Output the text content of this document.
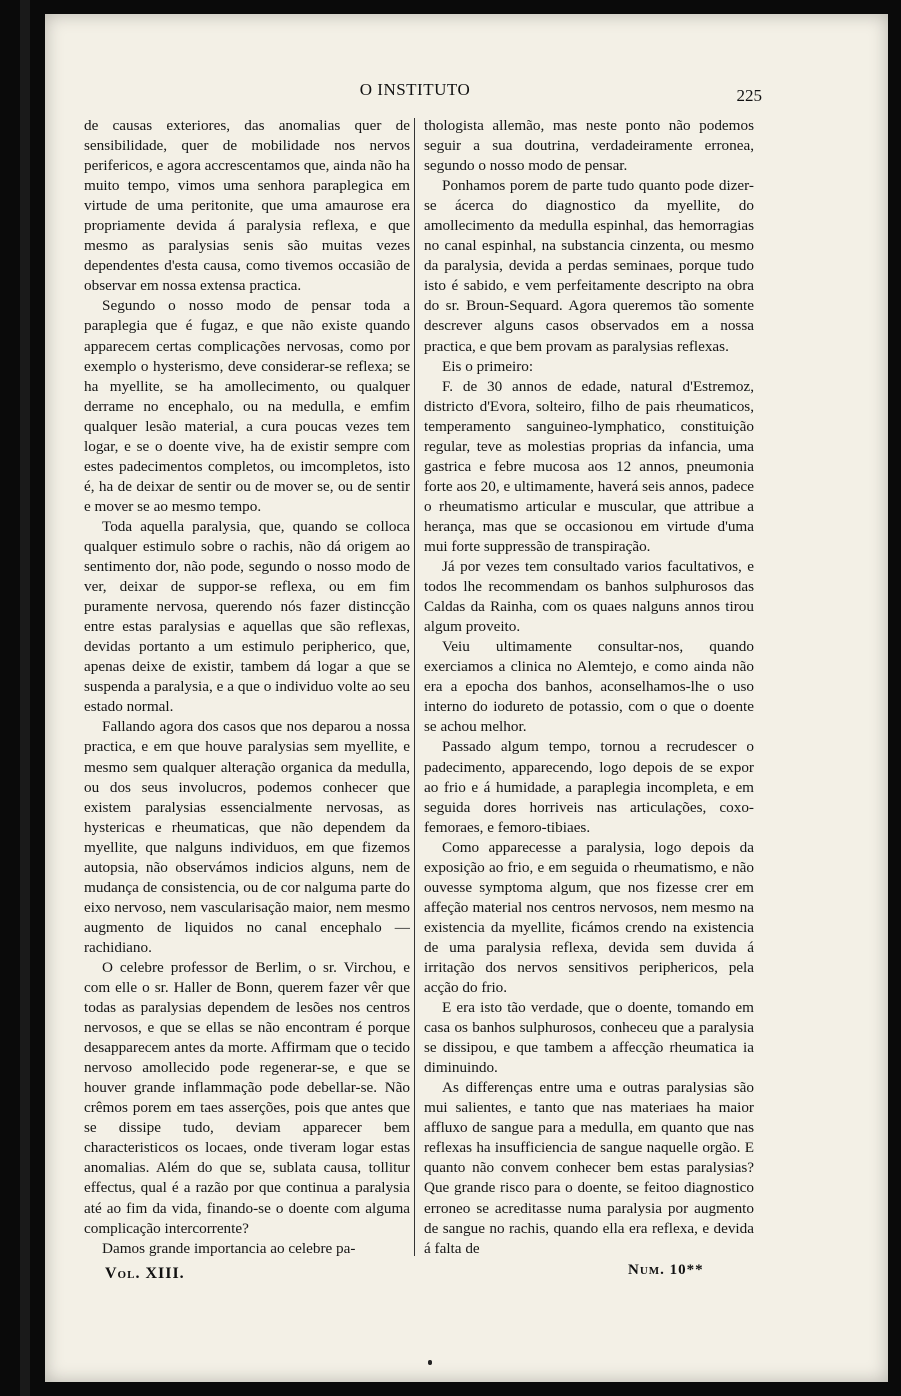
O INSTITUTO	225

de causas exteriores, das anomalias quer de sensibilidade, quer de mobilidade nos nervos perifericos, e agora accrescentamos que, ainda não ha muito tempo, vimos uma senhora paraplegica em virtude de uma peritonite, que uma amaurose era propriamente devida á paralysia reflexa, e que mesmo as paralysias senis são muitas vezes dependentes d'esta causa, como tivemos occasião de observar em nossa extensa practica.

Segundo o nosso modo de pensar toda a paraplegia que é fugaz, e que não existe quando apparecem certas complicações nervosas, como por exemplo o hysterismo, deve considerar-se reflexa; se ha myellite, se ha amollecimento, ou qualquer derrame no encephalo, ou na medulla, e emfim qualquer lesão material, a cura poucas vezes tem logar, e se o doente vive, ha de existir sempre com estes padecimentos completos, ou imcompletos, isto é, ha de deixar de sentir ou de mover se, ou de sentir e mover se ao mesmo tempo.

Toda aquella paralysia, que, quando se colloca qualquer estimulo sobre o rachis, não dá origem ao sentimento dor, não pode, segundo o nosso modo de ver, deixar de suppor-se reflexa, ou em fim puramente nervosa, querendo nós fazer distincção entre estas paralysias e aquellas que são reflexas, devidas portanto a um estimulo peripherico, que, apenas deixe de existir, tambem dá logar a que se suspenda a paralysia, e a que o individuo volte ao seu estado normal.

Fallando agora dos casos que nos deparou a nossa practica, e em que houve paralysias sem myellite, e mesmo sem qualquer alteração organica da medulla, ou dos seus involucros, podemos conhecer que existem paralysias essencialmente nervosas, as hystericas e rheumaticas, que não dependem da myellite, que nalguns individuos, em que fizemos autopsia, não observámos indicios alguns, nem de mudança de consistencia, ou de cor nalguma parte do eixo nervoso, nem vascularisação maior, nem mesmo augmento de liquidos no canal encephalo — rachidiano.

O celebre professor de Berlim, o sr. Virchou, e com elle o sr. Haller de Bonn, querem fazer vêr que todas as paralysias dependem de lesões nos centros nervosos, e que se ellas se não encontram é porque desapparecem antes da morte. Affirmam que o tecido nervoso amollecido pode regenerar-se, e que se houver grande inflammação pode debellar-se. Não crêmos porem em taes asserções, pois que antes que se dissipe tudo, deviam apparecer bem characteristicos os locaes, onde tiveram logar estas anomalias. Além do que se, sublata causa, tollitur effectus, qual é a razão por que continua a paralysia até ao fim da vida, finando-se o doente com alguma complicação intercorrente?

Damos grande importancia ao celebre pa-

thologista allemão, mas neste ponto não podemos seguir a sua doutrina, verdadeiramente erronea, segundo o nosso modo de pensar.

Ponhamos porem de parte tudo quanto pode dizer-se ácerca do diagnostico da myellite, do amollecimento da medulla espinhal, das hemorragias no canal espinhal, na substancia cinzenta, ou mesmo da paralysia, devida a perdas seminaes, porque tudo isto é sabido, e vem perfeitamente descripto na obra do sr. Broun-Sequard. Agora queremos tão somente descrever alguns casos observados em a nossa practica, e que bem provam as paralysias reflexas.

Eis o primeiro:

F. de 30 annos de edade, natural d'Estremoz, districto d'Evora, solteiro, filho de pais rheumaticos, temperamento sanguineo-lymphatico, constituição regular, teve as molestias proprias da infancia, uma gastrica e febre mucosa aos 12 annos, pneumonia forte aos 20, e ultimamente, haverá seis annos, padece o rheumatismo articular e muscular, que attribue a herança, mas que se occasionou em virtude d'uma mui forte suppressão de transpiração.

Já por vezes tem consultado varios facultativos, e todos lhe recommendam os banhos sulphurosos das Caldas da Rainha, com os quaes nalguns annos tirou algum proveito.

Veiu ultimamente consultar-nos, quando exerciamos a clinica no Alemtejo, e como ainda não era a epocha dos banhos, aconselhamos-lhe o uso interno do iodureto de potassio, com o que o doente se achou melhor.

Passado algum tempo, tornou a recrudescer o padecimento, apparecendo, logo depois de se expor ao frio e á humidade, a paraplegia incompleta, e em seguida dores horriveis nas articulações, coxo-femoraes, e femoro-tibiaes.

Como apparecesse a paralysia, logo depois da exposição ao frio, e em seguida o rheumatismo, e não ouvesse symptoma algum, que nos fizesse crer em affeção material nos centros nervosos, nem mesmo na existencia da myellite, ficámos crendo na existencia de uma paralysia reflexa, devida sem duvida á irritação dos nervos sensitivos periphericos, pela acção do frio.

E era isto tão verdade, que o doente, tomando em casa os banhos sulphurosos, conheceu que a paralysia se dissipou, e que tambem a affecção rheumatica ia diminuindo.

As differenças entre uma e outras paralysias são mui salientes, e tanto que nas materiaes ha maior affluxo de sangue para a medulla, em quanto que nas reflexas ha insufficiencia de sangue naquelle orgão. E quanto não convem conhecer bem estas paralysias? Que grande risco para o doente, se feitoo diagnostico erroneo se acreditasse numa paralysia por augmento de sangue no rachis, quando ella era reflexa, e devida á falta de

Vol. XIII.	Num. 10**
